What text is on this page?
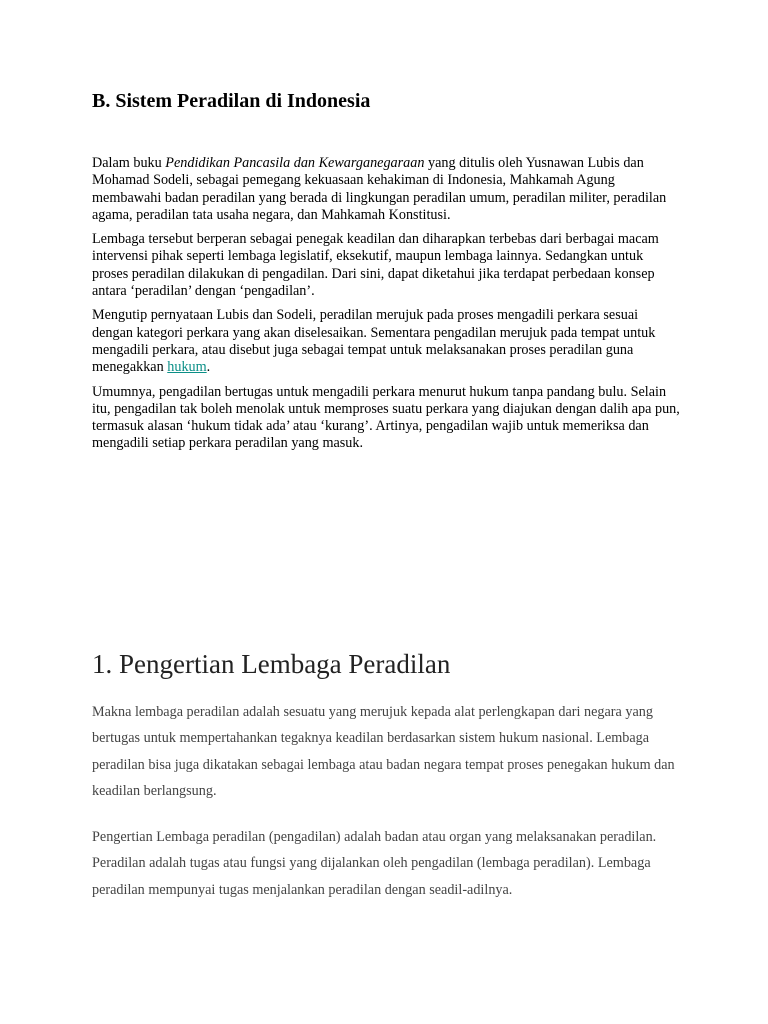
B. Sistem Peradilan di Indonesia

Dalam buku Pendidikan Pancasila dan Kewarganegaraan yang ditulis oleh Yusnawan Lubis dan Mohamad Sodeli, sebagai pemegang kekuasaan kehakiman di Indonesia, Mahkamah Agung membawahi badan peradilan yang berada di lingkungan peradilan umum, peradilan militer, peradilan agama, peradilan tata usaha negara, dan Mahkamah Konstitusi.

Lembaga tersebut berperan sebagai penegak keadilan dan diharapkan terbebas dari berbagai macam intervensi pihak seperti lembaga legislatif, eksekutif, maupun lembaga lainnya. Sedangkan untuk proses peradilan dilakukan di pengadilan. Dari sini, dapat diketahui jika terdapat perbedaan konsep antara ‘peradilan’ dengan ‘pengadilan’.

Mengutip pernyataan Lubis dan Sodeli, peradilan merujuk pada proses mengadili perkara sesuai dengan kategori perkara yang akan diselesaikan. Sementara pengadilan merujuk pada tempat untuk mengadili perkara, atau disebut juga sebagai tempat untuk melaksanakan proses peradilan guna menegakkan hukum.

Umumnya, pengadilan bertugas untuk mengadili perkara menurut hukum tanpa pandang bulu. Selain itu, pengadilan tak boleh menolak untuk memproses suatu perkara yang diajukan dengan dalih apa pun, termasuk alasan ‘hukum tidak ada’ atau ‘kurang’. Artinya, pengadilan wajib untuk memeriksa dan mengadili setiap perkara peradilan yang masuk.

1. Pengertian Lembaga Peradilan

Makna lembaga peradilan adalah sesuatu yang merujuk kepada alat perlengkapan dari negara yang bertugas untuk mempertahankan tegaknya keadilan berdasarkan sistem hukum nasional. Lembaga peradilan bisa juga dikatakan sebagai lembaga atau badan negara tempat proses penegakan hukum dan keadilan berlangsung.

Pengertian Lembaga peradilan (pengadilan) adalah badan atau organ yang melaksanakan peradilan. Peradilan adalah tugas atau fungsi yang dijalankan oleh pengadilan (lembaga peradilan). Lembaga peradilan mempunyai tugas menjalankan peradilan dengan seadil-adilnya.
